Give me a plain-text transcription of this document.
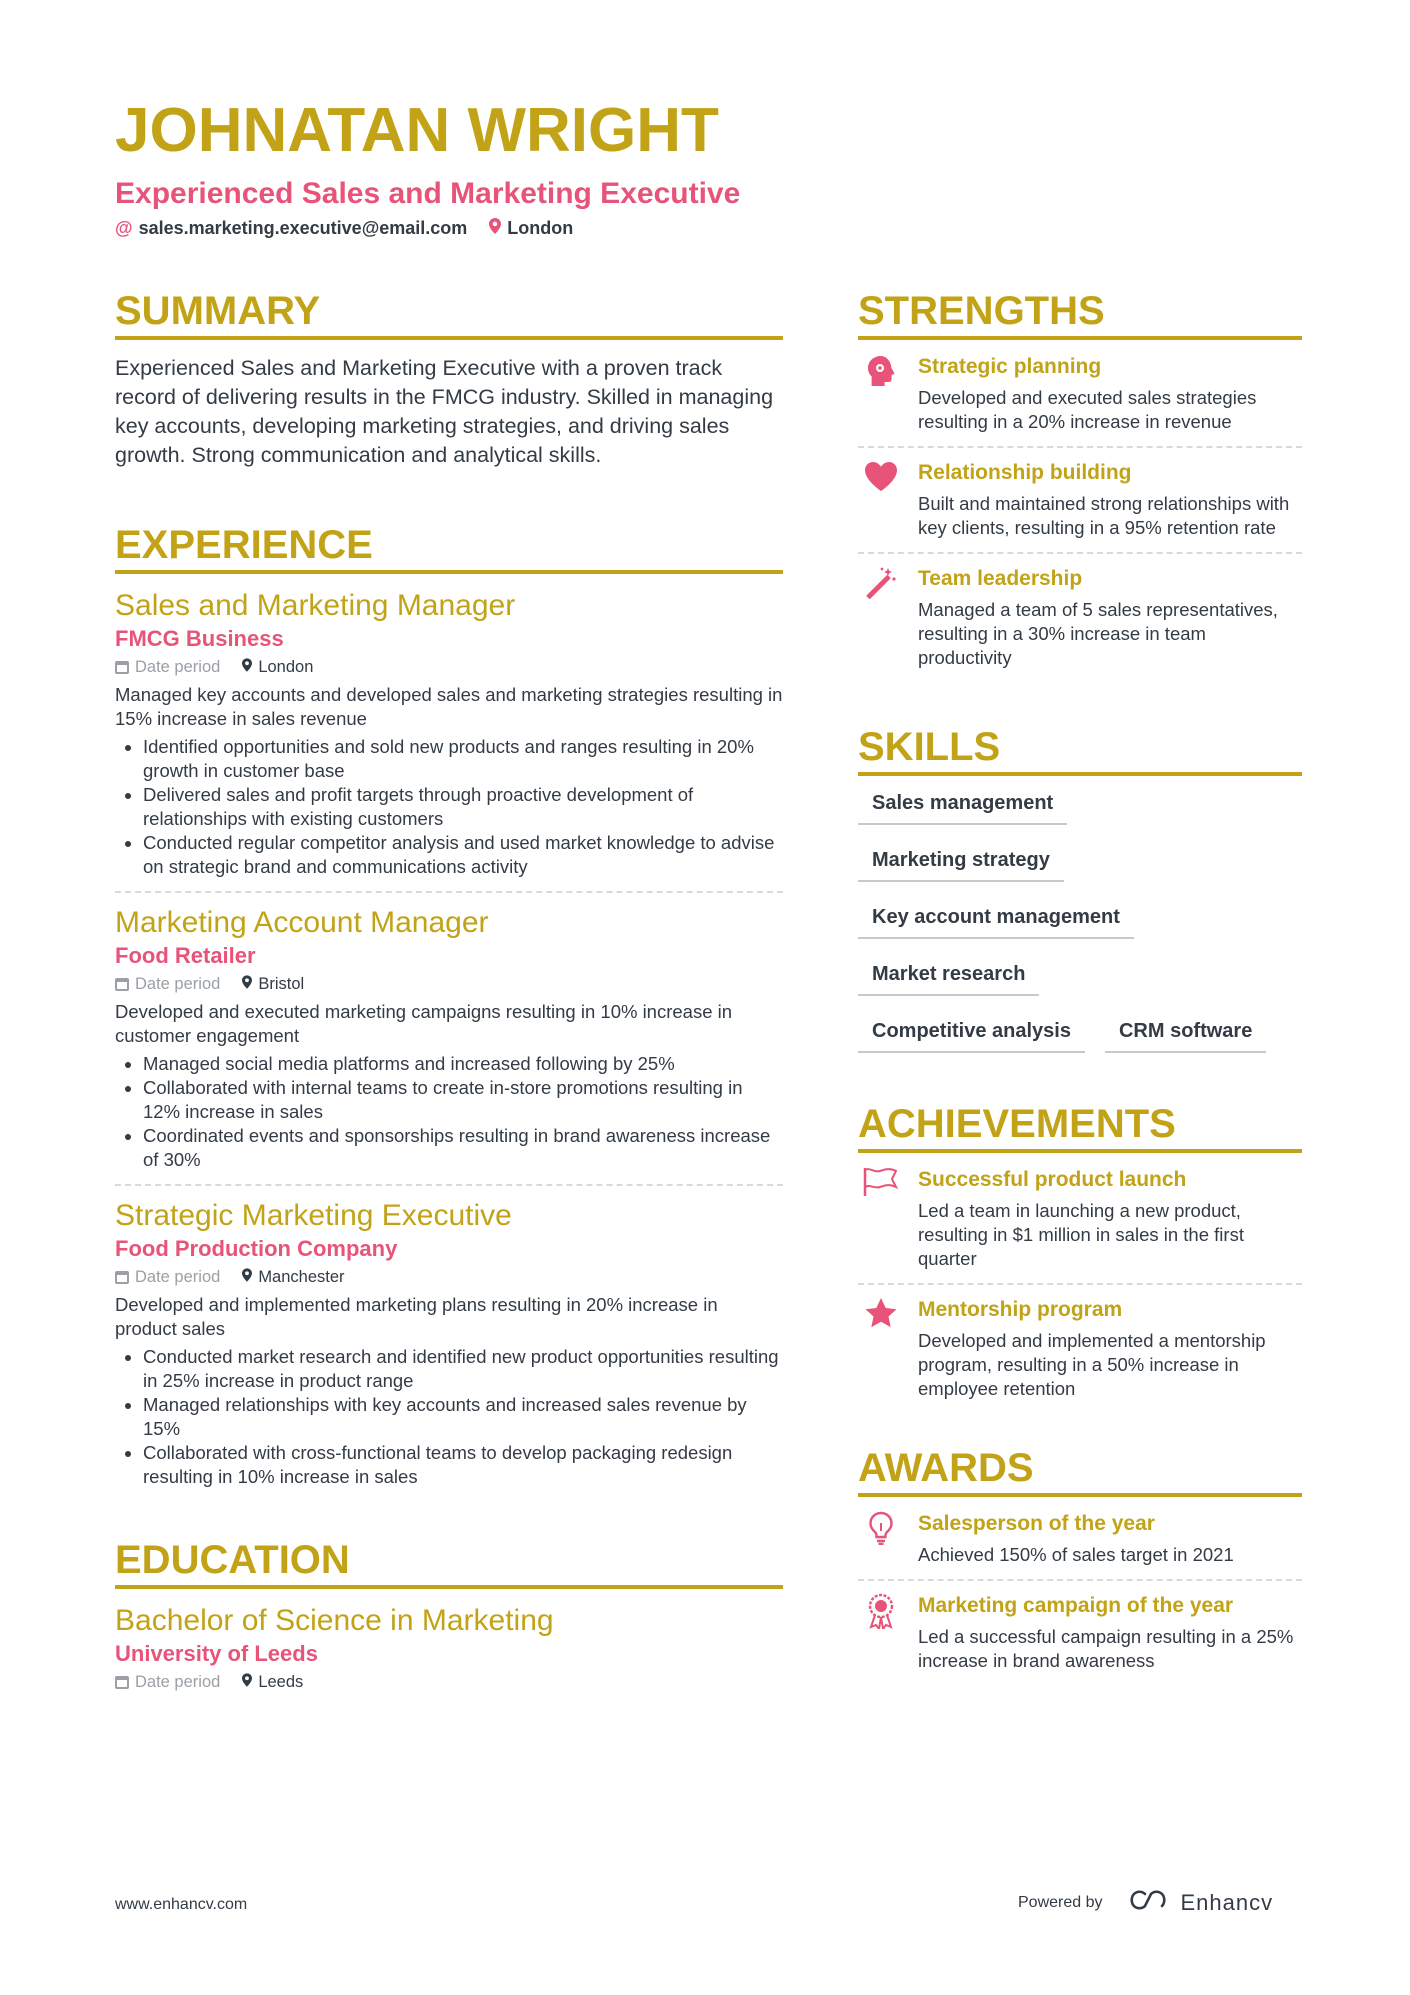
JOHNATAN WRIGHT
Experienced Sales and Marketing Executive
@ sales.marketing.executive@email.com London
SUMMARY
Experienced Sales and Marketing Executive with a proven track record of delivering results in the FMCG industry. Skilled in managing key accounts, developing marketing strategies, and driving sales growth. Strong communication and analytical skills.
EXPERIENCE
Sales and Marketing Manager
FMCG Business
Date period London
Managed key accounts and developed sales and marketing strategies resulting in 15% increase in sales revenue
• Identified opportunities and sold new products and ranges resulting in 20% growth in customer base
• Delivered sales and profit targets through proactive development of relationships with existing customers
• Conducted regular competitor analysis and used market knowledge to advise on strategic brand and communications activity
Marketing Account Manager
Food Retailer
Date period Bristol
Developed and executed marketing campaigns resulting in 10% increase in customer engagement
• Managed social media platforms and increased following by 25%
• Collaborated with internal teams to create in-store promotions resulting in 12% increase in sales
• Coordinated events and sponsorships resulting in brand awareness increase of 30%
Strategic Marketing Executive
Food Production Company
Date period Manchester
Developed and implemented marketing plans resulting in 20% increase in product sales
• Conducted market research and identified new product opportunities resulting in 25% increase in product range
• Managed relationships with key accounts and increased sales revenue by 15%
• Collaborated with cross-functional teams to develop packaging redesign resulting in 10% increase in sales
EDUCATION
Bachelor of Science in Marketing
University of Leeds
Date period Leeds
STRENGTHS
Strategic planning
Developed and executed sales strategies resulting in a 20% increase in revenue
Relationship building
Built and maintained strong relationships with key clients, resulting in a 95% retention rate
Team leadership
Managed a team of 5 sales representatives, resulting in a 30% increase in team productivity
SKILLS
Sales management
Marketing strategy
Key account management
Market research
Competitive analysis	CRM software
ACHIEVEMENTS
Successful product launch
Led a team in launching a new product, resulting in $1 million in sales in the first quarter
Mentorship program
Developed and implemented a mentorship program, resulting in a 50% increase in employee retention
AWARDS
Salesperson of the year
Achieved 150% of sales target in 2021
Marketing campaign of the year
Led a successful campaign resulting in a 25% increase in brand awareness
www.enhancv.com	Powered by	Enhancv
